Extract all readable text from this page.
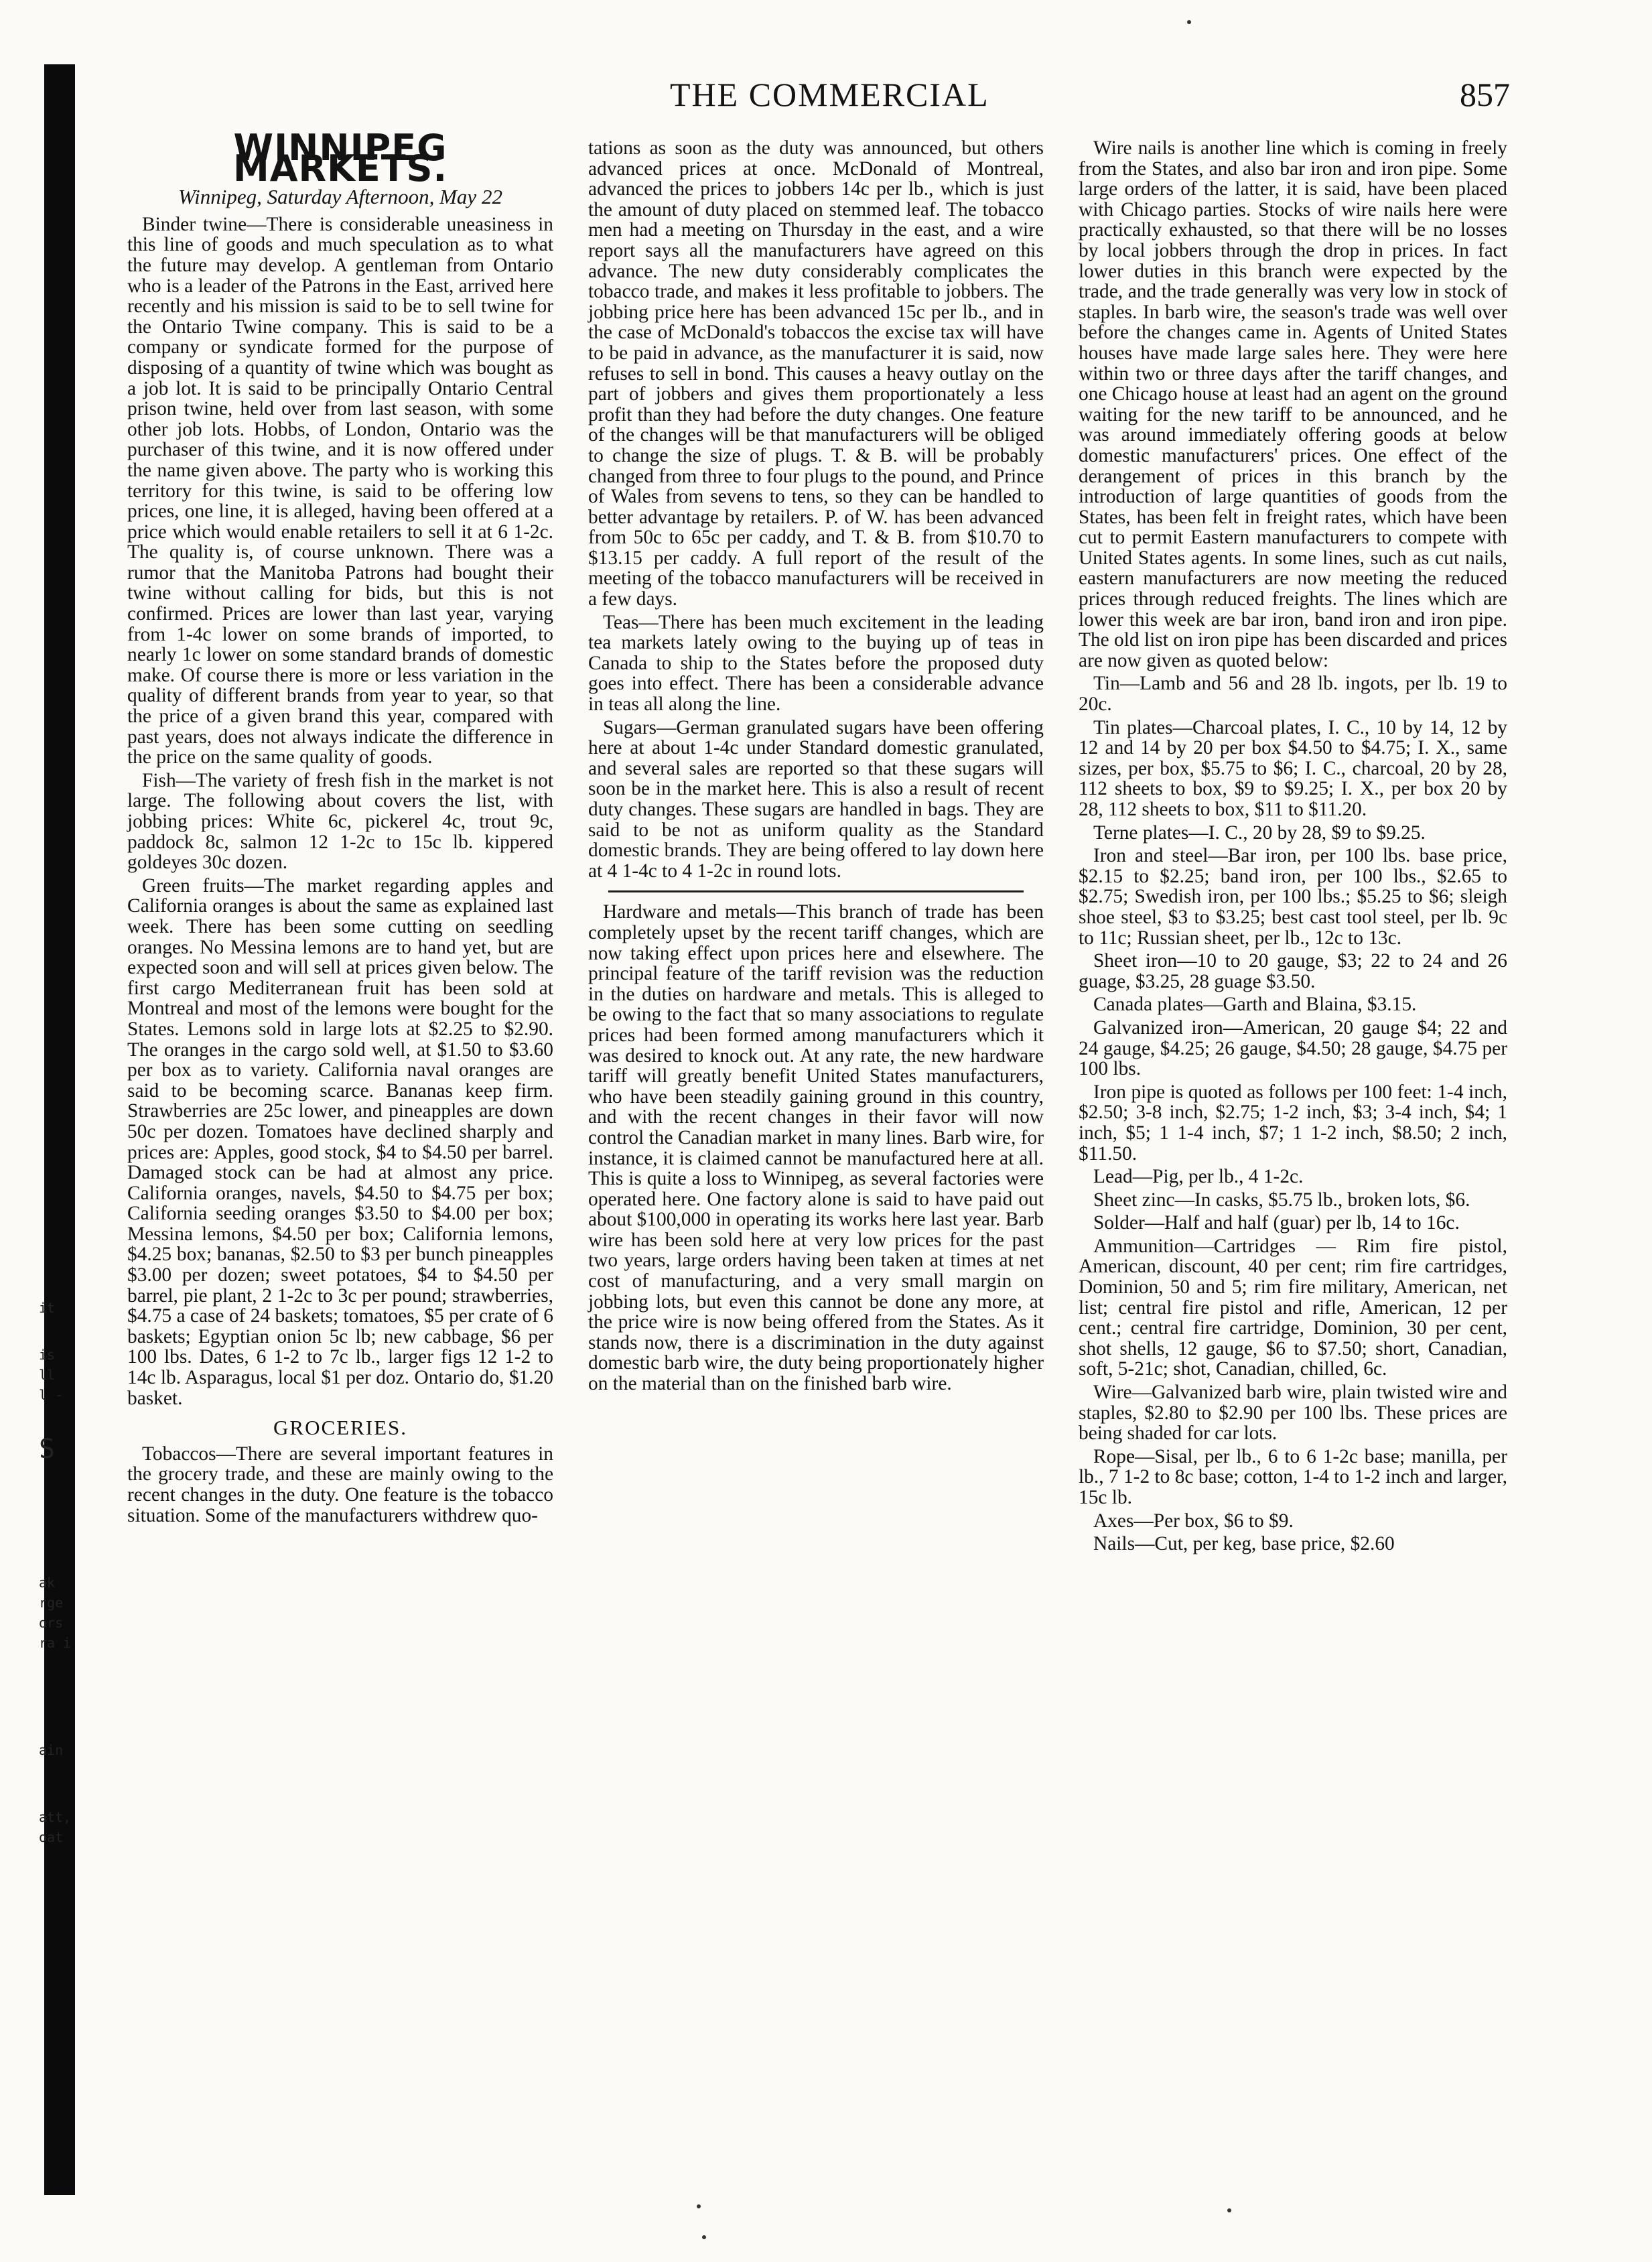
it
is
ll
l -
S
ak
rge
ors
ra i
ain
att,
oat
THE COMMERCIAL	857
WINNIPEG MARKETS.
Winnipeg, Saturday Afternoon, May 22

Binder twine—There is considerable uneasiness in this line of goods and much speculation as to what the future may develop. A gentleman from Ontario who is a leader of the Patrons in the East, arrived here recently and his mission is said to be to sell twine for the Ontario Twine company. This is said to be a company or syndicate formed for the purpose of disposing of a quantity of twine which was bought as a job lot. It is said to be principally Ontario Central prison twine, held over from last season, with some other job lots. Hobbs, of London, Ontario was the purchaser of this twine, and it is now offered under the name given above. The party who is working this territory for this twine, is said to be offering low prices, one line, it is alleged, having been offered at a price which would enable retailers to sell it at 6 1-2c. The quality is, of course unknown. There was a rumor that the Manitoba Patrons had bought their twine without calling for bids, but this is not confirmed. Prices are lower than last year, varying from 1-4c lower on some brands of imported, to nearly 1c lower on some standard brands of domestic make. Of course there is more or less variation in the quality of different brands from year to year, so that the price of a given brand this year, compared with past years, does not always indicate the difference in the price on the same quality of goods.

Fish—The variety of fresh fish in the market is not large. The following about covers the list, with jobbing prices: White 6c, pickerel 4c, trout 9c, paddock 8c, salmon 12 1-2c to 15c lb. kippered goldeyes 30c dozen.

Green fruits—The market regarding apples and California oranges is about the same as explained last week. There has been some cutting on seedling oranges. No Messina lemons are to hand yet, but are expected soon and will sell at prices given below. The first cargo Mediterranean fruit has been sold at Montreal and most of the lemons were bought for the States. Lemons sold in large lots at $2.25 to $2.90. The oranges in the cargo sold well, at $1.50 to $3.60 per box as to variety. California naval oranges are said to be becoming scarce. Bananas keep firm. Strawberries are 25c lower, and pineapples are down 50c per dozen. Tomatoes have declined sharply and prices are: Apples, good stock, $4 to $4.50 per barrel. Damaged stock can be had at almost any price. California oranges, navels, $4.50 to $4.75 per box; California seeding oranges $3.50 to $4.00 per box; Messina lemons, $4.50 per box; California lemons, $4.25 box; bananas, $2.50 to $3 per bunch pineapples $3.00 per dozen; sweet potatoes, $4 to $4.50 per barrel, pie plant, 2 1-2c to 3c per pound; strawberries, $4.75 a case of 24 baskets; tomatoes, $5 per crate of 6 baskets; Egyptian onion 5c lb; new cabbage, $6 per 100 lbs. Dates, 6 1-2 to 7c lb., larger figs 12 1-2 to 14c lb. Asparagus, local $1 per doz. Ontario do, $1.20 basket.

GROCERIES.

Tobaccos—There are several important features in the grocery trade, and these are mainly owing to the recent changes in the duty. One feature is the tobacco situation. Some of the manufacturers withdrew quo-

tations as soon as the duty was announced, but others advanced prices at once. McDonald of Montreal, advanced the prices to jobbers 14c per lb., which is just the amount of duty placed on stemmed leaf. The tobacco men had a meeting on Thursday in the east, and a wire report says all the manufacturers have agreed on this advance. The new duty considerably complicates the tobacco trade, and makes it less profitable to jobbers. The jobbing price here has been advanced 15c per lb., and in the case of McDonald's tobaccos the excise tax will have to be paid in advance, as the manufacturer it is said, now refuses to sell in bond. This causes a heavy outlay on the part of jobbers and gives them proportionately a less profit than they had before the duty changes. One feature of the changes will be that manufacturers will be obliged to change the size of plugs. T. & B. will be probably changed from three to four plugs to the pound, and Prince of Wales from sevens to tens, so they can be handled to better advantage by retailers. P. of W. has been advanced from 50c to 65c per caddy, and T. & B. from $10.70 to $13.15 per caddy. A full report of the result of the meeting of the tobacco manufacturers will be received in a few days.

Teas—There has been much excitement in the leading tea markets lately owing to the buying up of teas in Canada to ship to the States before the proposed duty goes into effect. There has been a considerable advance in teas all along the line.

Sugars—German granulated sugars have been offering here at about 1-4c under Standard domestic granulated, and several sales are reported so that these sugars will soon be in the market here. This is also a result of recent duty changes. These sugars are handled in bags. They are said to be not as uniform quality as the Standard domestic brands. They are being offered to lay down here at 4 1-4c to 4 1-2c in round lots.

Hardware and metals—This branch of trade has been completely upset by the recent tariff changes, which are now taking effect upon prices here and elsewhere. The principal feature of the tariff revision was the reduction in the duties on hardware and metals. This is alleged to be owing to the fact that so many associations to regulate prices had been formed among manufacturers which it was desired to knock out. At any rate, the new hardware tariff will greatly benefit United States manufacturers, who have been steadily gaining ground in this country, and with the recent changes in their favor will now control the Canadian market in many lines. Barb wire, for instance, it is claimed cannot be manufactured here at all. This is quite a loss to Winnipeg, as several factories were operated here. One factory alone is said to have paid out about $100,000 in operating its works here last year. Barb wire has been sold here at very low prices for the past two years, large orders having been taken at times at net cost of manufacturing, and a very small margin on jobbing lots, but even this cannot be done any more, at the price wire is now being offered from the States. As it stands now, there is a discrimination in the duty against domestic barb wire, the duty being proportionately higher on the material than on the finished barb wire.

Wire nails is another line which is coming in freely from the States, and also bar iron and iron pipe. Some large orders of the latter, it is said, have been placed with Chicago parties. Stocks of wire nails here were practically exhausted, so that there will be no losses by local jobbers through the drop in prices. In fact lower duties in this branch were expected by the trade, and the trade generally was very low in stock of staples. In barb wire, the season's trade was well over before the changes came in. Agents of United States houses have made large sales here. They were here within two or three days after the tariff changes, and one Chicago house at least had an agent on the ground waiting for the new tariff to be announced, and he was around immediately offering goods at below domestic manufacturers' prices. One effect of the derangement of prices in this branch by the introduction of large quantities of goods from the States, has been felt in freight rates, which have been cut to permit Eastern manufacturers to compete with United States agents. In some lines, such as cut nails, eastern manufacturers are now meeting the reduced prices through reduced freights. The lines which are lower this week are bar iron, band iron and iron pipe. The old list on iron pipe has been discarded and prices are now given as quoted below:

Tin—Lamb and 56 and 28 lb. ingots, per lb. 19 to 20c.

Tin plates—Charcoal plates, I. C., 10 by 14, 12 by 12 and 14 by 20 per box $4.50 to $4.75; I. X., same sizes, per box, $5.75 to $6; I. C., charcoal, 20 by 28, 112 sheets to box, $9 to $9.25; I. X., per box 20 by 28, 112 sheets to box, $11 to $11.20.

Terne plates—I. C., 20 by 28, $9 to $9.25.

Iron and steel—Bar iron, per 100 lbs. base price, $2.15 to $2.25; band iron, per 100 lbs., $2.65 to $2.75; Swedish iron, per 100 lbs.; $5.25 to $6; sleigh shoe steel, $3 to $3.25; best cast tool steel, per lb. 9c to 11c; Russian sheet, per lb., 12c to 13c.

Sheet iron—10 to 20 gauge, $3; 22 to 24 and 26 guage, $3.25, 28 guage $3.50.

Canada plates—Garth and Blaina, $3.15.

Galvanized iron—American, 20 gauge $4; 22 and 24 gauge, $4.25; 26 gauge, $4.50; 28 gauge, $4.75 per 100 lbs.

Iron pipe is quoted as follows per 100 feet: 1-4 inch, $2.50; 3-8 inch, $2.75; 1-2 inch, $3; 3-4 inch, $4; 1 inch, $5; 1 1-4 inch, $7; 1 1-2 inch, $8.50; 2 inch, $11.50.

Lead—Pig, per lb., 4 1-2c.

Sheet zinc—In casks, $5.75 lb., broken lots, $6.

Solder—Half and half (guar) per lb, 14 to 16c.

Ammunition—Cartridges — Rim fire pistol, American, discount, 40 per cent; rim fire cartridges, Dominion, 50 and 5; rim fire military, American, net list; central fire pistol and rifle, American, 12 per cent.; central fire cartridge, Dominion, 30 per cent, shot shells, 12 gauge, $6 to $7.50; short, Canadian, soft, 5-21c; shot, Canadian, chilled, 6c.

Wire—Galvanized barb wire, plain twisted wire and staples, $2.80 to $2.90 per 100 lbs. These prices are being shaded for car lots.

Rope—Sisal, per lb., 6 to 6 1-2c base; manilla, per lb., 7 1-2 to 8c base; cotton, 1-4 to 1-2 inch and larger, 15c lb.

Axes—Per box, $6 to $9.

Nails—Cut, per keg, base price, $2.60
